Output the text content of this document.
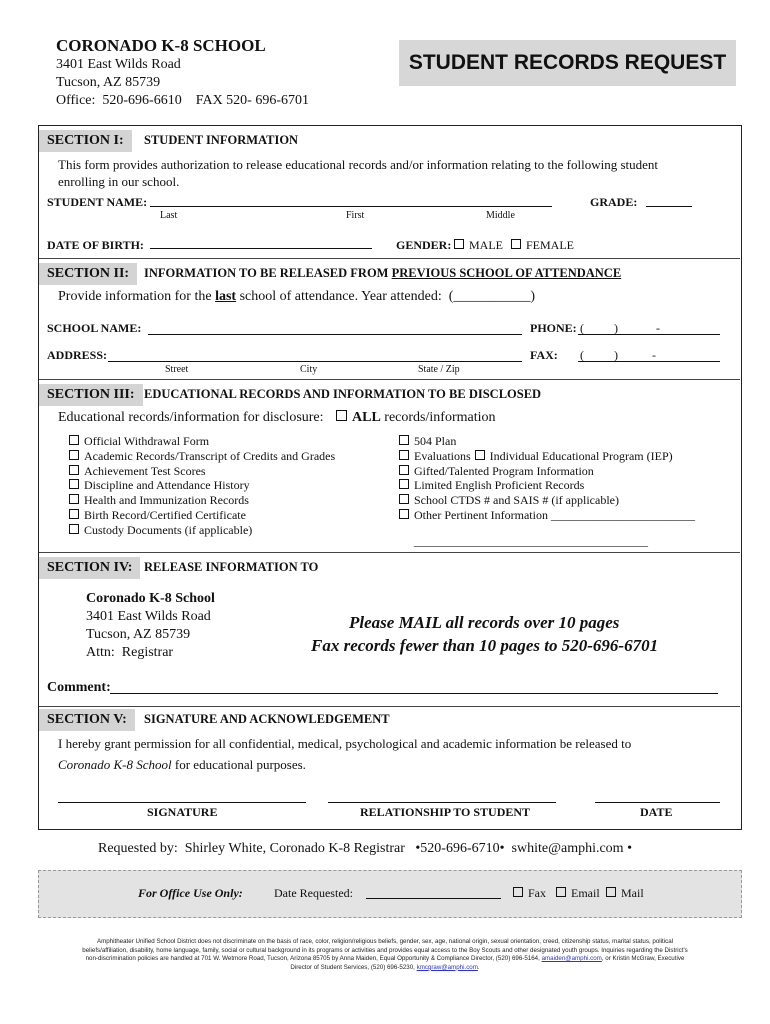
CORONADO K-8 SCHOOL
3401 East Wilds Road
Tucson, AZ 85739
Office:  520-696-6610    FAX 520- 696-6701
STUDENT RECORDS REQUEST
SECTION I:	STUDENT INFORMATION
This form provides authorization to release educational records and/or information relating to the following student
enrolling in our school.
STUDENT NAME:
Last	First	Middle
GRADE:
DATE OF BIRTH:	GENDER:	MALE	FEMALE
SECTION II:	INFORMATION TO BE RELEASED FROM PREVIOUS SCHOOL OF ATTENDANCE
Provide information for the last school of attendance. Year attended:  (___________)
SCHOOL NAME:	PHONE: (	)	-
ADDRESS:	FAX: (	)	-
Street	City	State / Zip
SECTION III: EDUCATIONAL RECORDS AND INFORMATION TO BE DISCLOSED
Educational records/information for disclosure:	ALL records/information
Official Withdrawal Form
Academic Records/Transcript of Credits and Grades
Achievement Test Scores
Discipline and Attendance History
Health and Immunization Records
Birth Record/Certified Certificate
Custody Documents (if applicable)
504 Plan
Evaluations Individual Educational Program (IEP)
Gifted/Talented Program Information
Limited English Proficient Records
School CTDS # and SAIS # (if applicable)
Other Pertinent Information ________________________
_______________________________________
SECTION IV: RELEASE INFORMATION TO
Coronado K-8 School
3401 East Wilds Road
Tucson, AZ 85739
Attn:  Registrar
Please MAIL all records over 10 pages
Fax records fewer than 10 pages to 520-696-6701
Comment:
SECTION V:	SIGNATURE AND ACKNOWLEDGEMENT
I hereby grant permission for all confidential, medical, psychological and academic information be released to
Coronado K-8 School for educational purposes.
SIGNATURE	RELATIONSHIP TO STUDENT	DATE
Requested by:  Shirley White, Coronado K-8 Registrar   •520-696-6710•  swhite@amphi.com •
For Office Use Only:	Date Requested:	Fax	Email	Mail
Amphitheater Unified School District does not discriminate on the basis of race, color, religion/religious beliefs, gender, sex, age, national origin, sexual orientation, creed, citizenship status, marital status, political
beliefs/affiliation, disability, home language, family, social or cultural background in its programs or activities and provides equal access to the Boy Scouts and other designated youth groups. Inquiries regarding the District's
non-discrimination policies are handled at 701 W. Wetmore Road, Tucson, Arizona 85705 by Anna Maiden, Equal Opportunity & Compliance Director, (520) 696-5164, amaiden@amphi.com, or Kristin McGraw, Executive
Director of Student Services, (520) 696-5230, kmcgraw@amphi.com.
